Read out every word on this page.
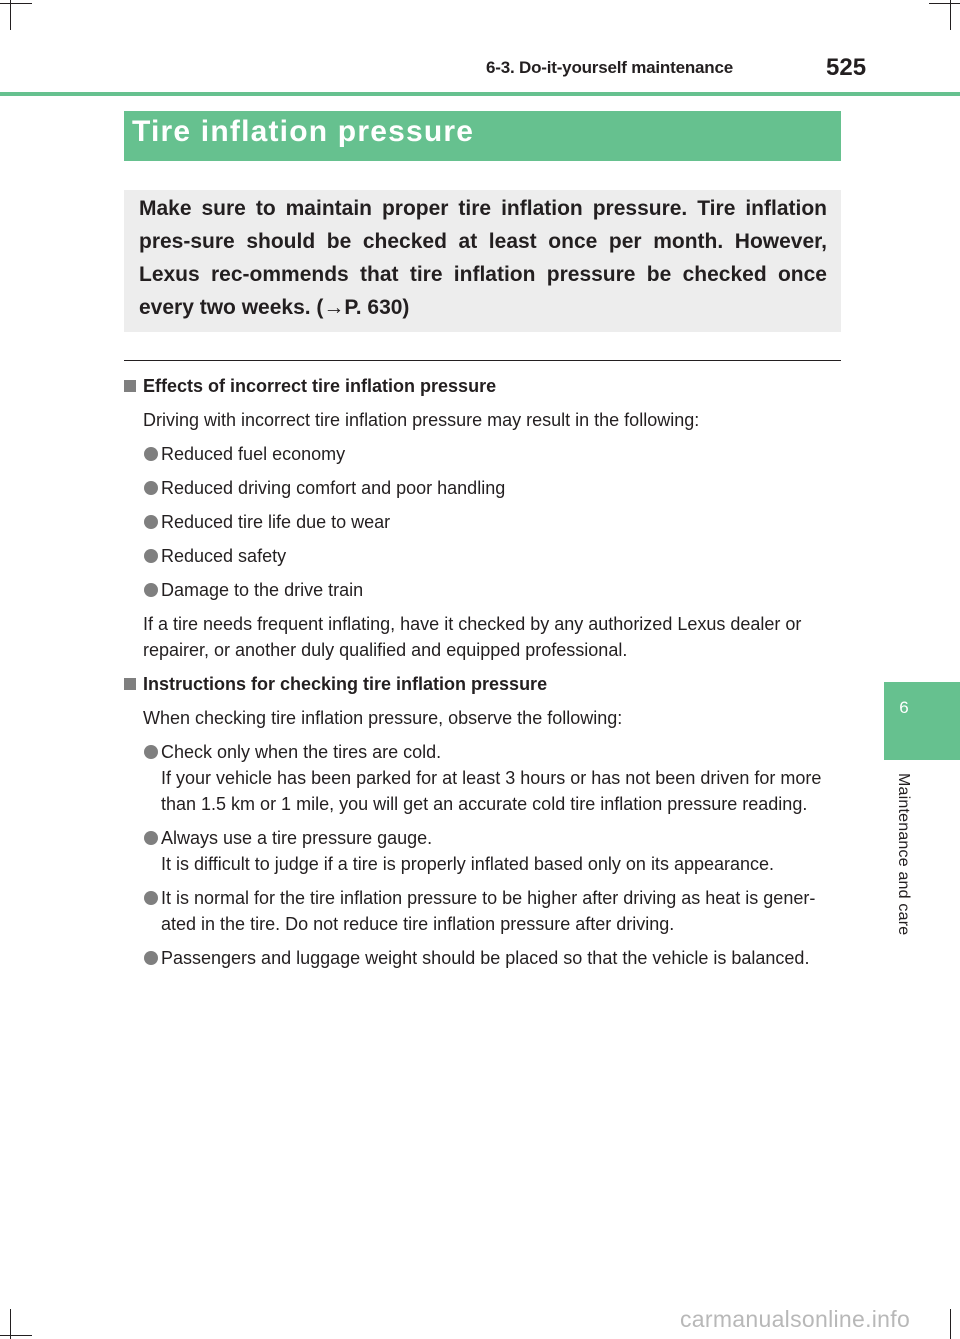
6-3. Do-it-yourself maintenance	525
6
Maintenance and care
Tire inflation pressure
Make sure to maintain proper tire inflation pressure. Tire inflation pres-sure should be checked at least once per month. However, Lexus rec-ommends that tire inflation pressure be checked once every two weeks. (→P. 630)
Effects of incorrect tire inflation pressure
Driving with incorrect tire inflation pressure may result in the following:
Reduced fuel economy
Reduced driving comfort and poor handling
Reduced tire life due to wear
Reduced safety
Damage to the drive train
If a tire needs frequent inflating, have it checked by any authorized Lexus dealer or repairer, or another duly qualified and equipped professional.
Instructions for checking tire inflation pressure
When checking tire inflation pressure, observe the following:
Check only when the tires are cold.
If your vehicle has been parked for at least 3 hours or has not been driven for more than 1.5 km or 1 mile, you will get an accurate cold tire inflation pressure reading.
Always use a tire pressure gauge.
It is difficult to judge if a tire is properly inflated based only on its appearance.
It is normal for the tire inflation pressure to be higher after driving as heat is gener-ated in the tire. Do not reduce tire inflation pressure after driving.
Passengers and luggage weight should be placed so that the vehicle is balanced.
carmanualsonline.info
